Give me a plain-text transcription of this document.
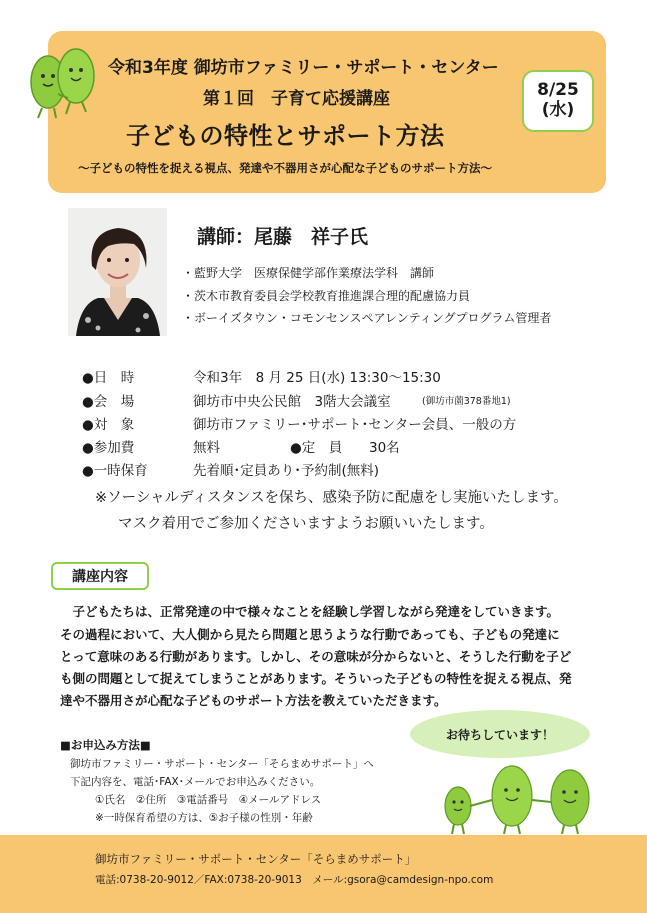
令和3年度 御坊市ファミリー・サポート・センター
第１回　子育て応援講座
子どもの特性とサポート方法
～子どもの特性を捉える視点、発達や不器用さが心配な子どものサポート方法～
8/25
(水)
講師：尾藤　祥子氏
・藍野大学　医療保健学部作業療法学科　講師
・茨木市教育委員会学校教育推進課合理的配慮協力員
・ボーイズタウン・コモンセンスペアレンティングプログラム管理者
●日　時	令和3年　8 月 25 日(水) 13:30～15:30
●会　場	御坊市中央公民館　3階大会議室	(御坊市薗378番地1)
●対　象	御坊市ファミリー･サポート･センター会員、一般の方
●参加費	無料	●定　員 30名
●一時保育	先着順･定員あり･予約制(無料)
※ソーシャルディスタンスを保ち、感染予防に配慮をし実施いたします。
マスク着用でご参加くださいますようお願いいたします。
講座内容
　子どもたちは、正常発達の中で様々なことを経験し学習しながら発達をしていきます。
その過程において、大人側から見たら問題と思うような行動であっても、子どもの発達に
とって意味のある行動があります。しかし、その意味が分からないと、そうした行動を子ど
も側の問題として捉えてしまうことがあります。そういった子どもの特性を捉える視点、発
達や不器用さが心配な子どものサポート方法を教えていただきます。
■お申込み方法■
御坊市ファミリー・サポート・センター「そらまめサポート」へ
下記内容を、電話･FAX･メールでお申込みください。
①氏名　②住所　③電話番号　④メールアドレス
※一時保育希望の方は、⑤お子様の性別・年齢
お待ちしています！
御坊市ファミリー・サポート・センター「そらまめサポート」
電話:0738-20-9012／FAX:0738-20-9013　メール:gsora@camdesign-npo.com
